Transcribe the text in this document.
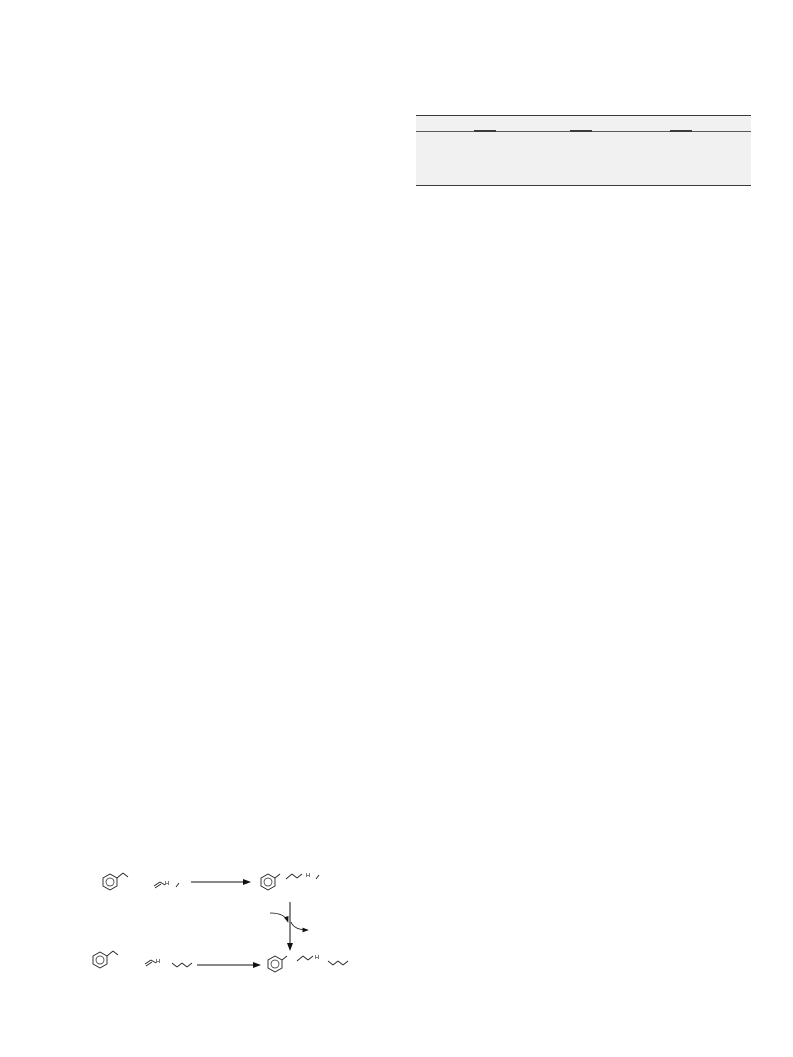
H
H
H
H
